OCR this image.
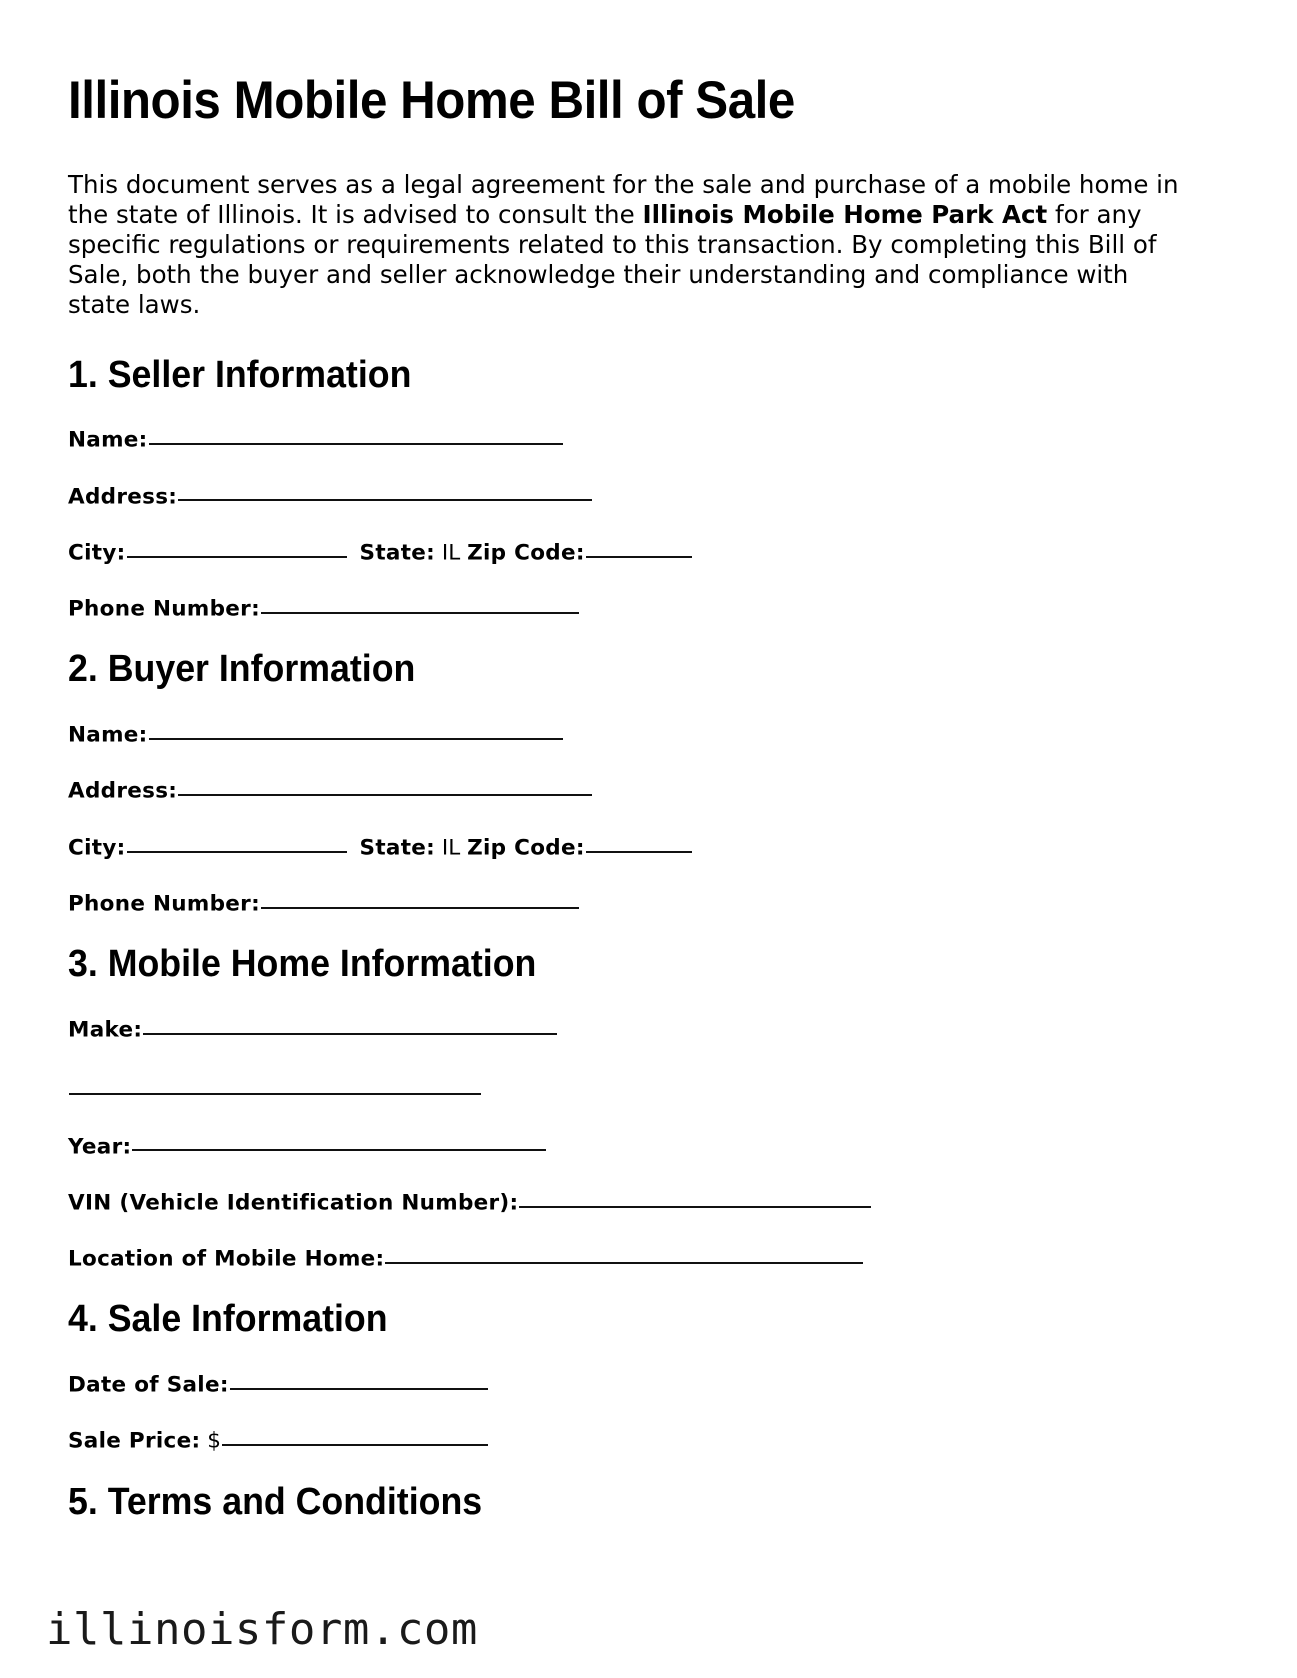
Illinois Mobile Home Bill of Sale

This document serves as a legal agreement for the sale and purchase of a mobile home in the state of Illinois. It is advised to consult the Illinois Mobile Home Park Act for any specific regulations or requirements related to this transaction. By completing this Bill of Sale, both the buyer and seller acknowledge their understanding and compliance with state laws.

1. Seller Information
Name:
Address:
City:	State: IL Zip Code:
Phone Number:
2. Buyer Information
Name:
Address:
City:	State: IL Zip Code:
Phone Number:
3. Mobile Home Information
Make:
Year:
VIN (Vehicle Identification Number):
Location of Mobile Home:
4. Sale Information
Date of Sale:
Sale Price: $
5. Terms and Conditions
illinoisform.com
